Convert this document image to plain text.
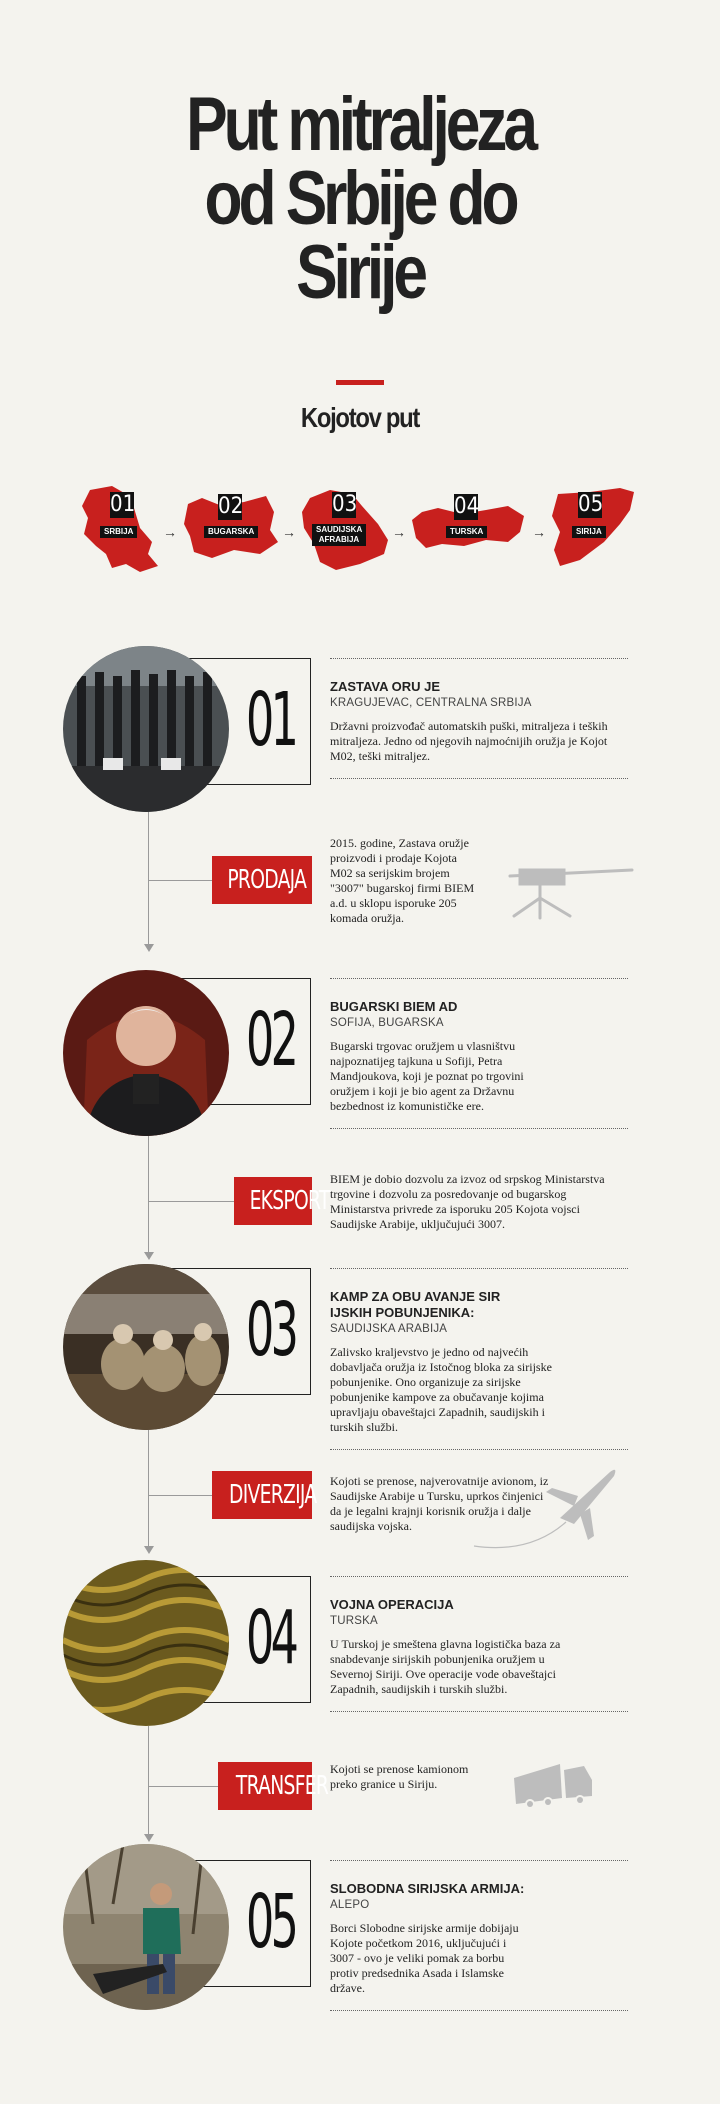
Put mitraljeza
od Srbije do
Sirije
Kojotov put
01
SRBIJA →
02
BUGARSKA →
03
SAUDIJSKA AFRABIJA	→
04
TURSKA	→
05
SIRIJA
01	ZASTAVA ORU JE
KRAGUJEVAC, CENTRALNA SRBIJA
Državni proizvođač automatskih puški, mitraljeza i teških mitraljeza. Jedno od njegovih najmoćnijih oružja je Kojot M02, teški mitraljez.
PRODAJA
2015. godine, Zastava oružje proizvodi i prodaje Kojota M02 sa serijskim brojem "3007" bugarskoj firmi BIEM a.d. u sklopu isporuke 205 komada oružja.
02	BUGARSKI BIEM AD
SOFIJA, BUGARSKA
Bugarski trgovac oružjem u vlasništvu najpoznatijeg tajkuna u Sofiji, Petra Mandjoukova, koji je poznat po trgovini oružjem i koji je bio agent za Državnu bezbednost iz komunističke ere.
EKSPORT
BIEM je dobio dozvolu za izvoz od srpskog Ministarstva trgovine i dozvolu za posredovanje od bugarskog Ministarstva privrede za isporuku 205 Kojota vojsci Saudijske Arabije, uključujući 3007.
03	KAMP ZA OBU AVANJE SIR IJSKIH POBUNJENIKA:
SAUDIJSKA ARABIJA
Zalivsko kraljevstvo je jedno od najvećih dobavljača oružja iz Istočnog bloka za sirijske pobunjenike. Ono organizuje za sirijske pobunjenike kampove za obučavanje kojima upravljaju obaveštajci Zapadnih, saudijskih i turskih službi.
DIVERZIJA Kojoti se prenose, najverovatnije avionom, iz Saudijske Arabije u Tursku, uprkos činjenici da je legalni krajnji korisnik oružja i dalje saudijska vojska.
04	VOJNA OPERACIJA
TURSKA
U Turskoj je smeštena glavna logistička baza za snabdevanje sirijskih pobunjenika oružjem u Severnoj Siriji. Ove operacije vode obaveštajci Zapadnih, saudijskih i turskih službi.
TRANSFER
Kojoti se prenose kamionom preko granice u Siriju.
05	SLOBODNA SIRIJSKA ARMIJA:
ALEPO
Borci Slobodne sirijske armije dobijaju Kojote početkom 2016, uključujući i 3007 - ovo je veliki pomak za borbu protiv predsednika Asada i Islamske države.
